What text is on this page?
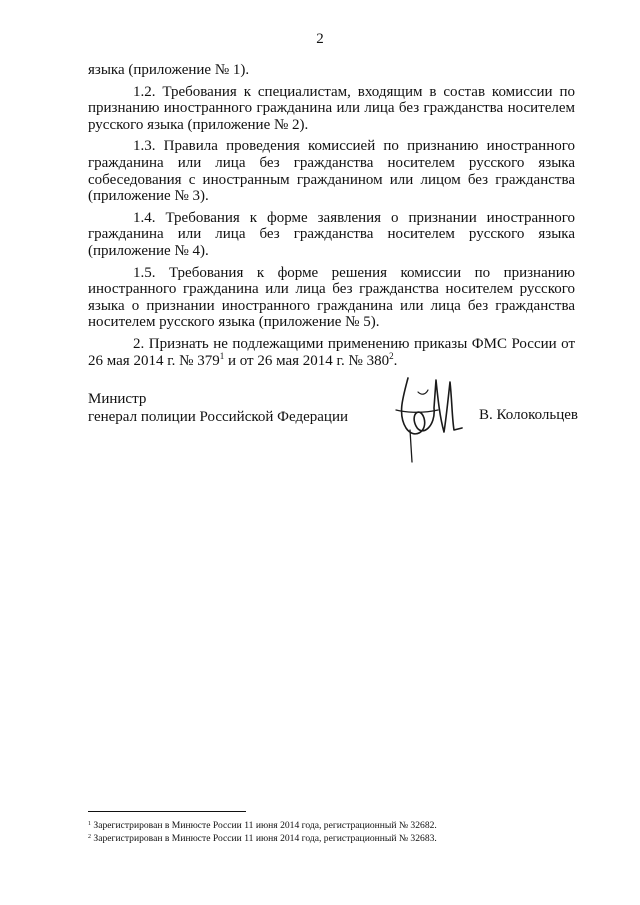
2

языка (приложение № 1).

1.2. Требования к специалистам, входящим в состав комиссии по признанию иностранного гражданина или лица без гражданства носителем русского языка (приложение № 2).

1.3. Правила проведения комиссией по признанию иностранного гражданина или лица без гражданства носителем русского языка собеседования с иностранным гражданином или лицом без гражданства (приложение № 3).

1.4. Требования к форме заявления о признании иностранного гражданина или лица без гражданства носителем русского языка (приложение № 4).

1.5. Требования к форме решения комиссии по признанию иностранного гражданина или лица без гражданства носителем русского языка о признании иностранного гражданина или лица без гражданства носителем русского языка (приложение № 5).

2. Признать не подлежащими применению приказы ФМС России от 26 мая 2014 г. № $379^1$ и от 26 мая 2014 г. № $380^2$.

Министр
генерал полиции Российской Федерации	В. Колокольцев
$^1$ Зарегистрирован в Минюсте России 11 июня 2014 года, регистрационный № 32682.
$^2$ Зарегистрирован в Минюсте России 11 июня 2014 года, регистрационный № 32683.
